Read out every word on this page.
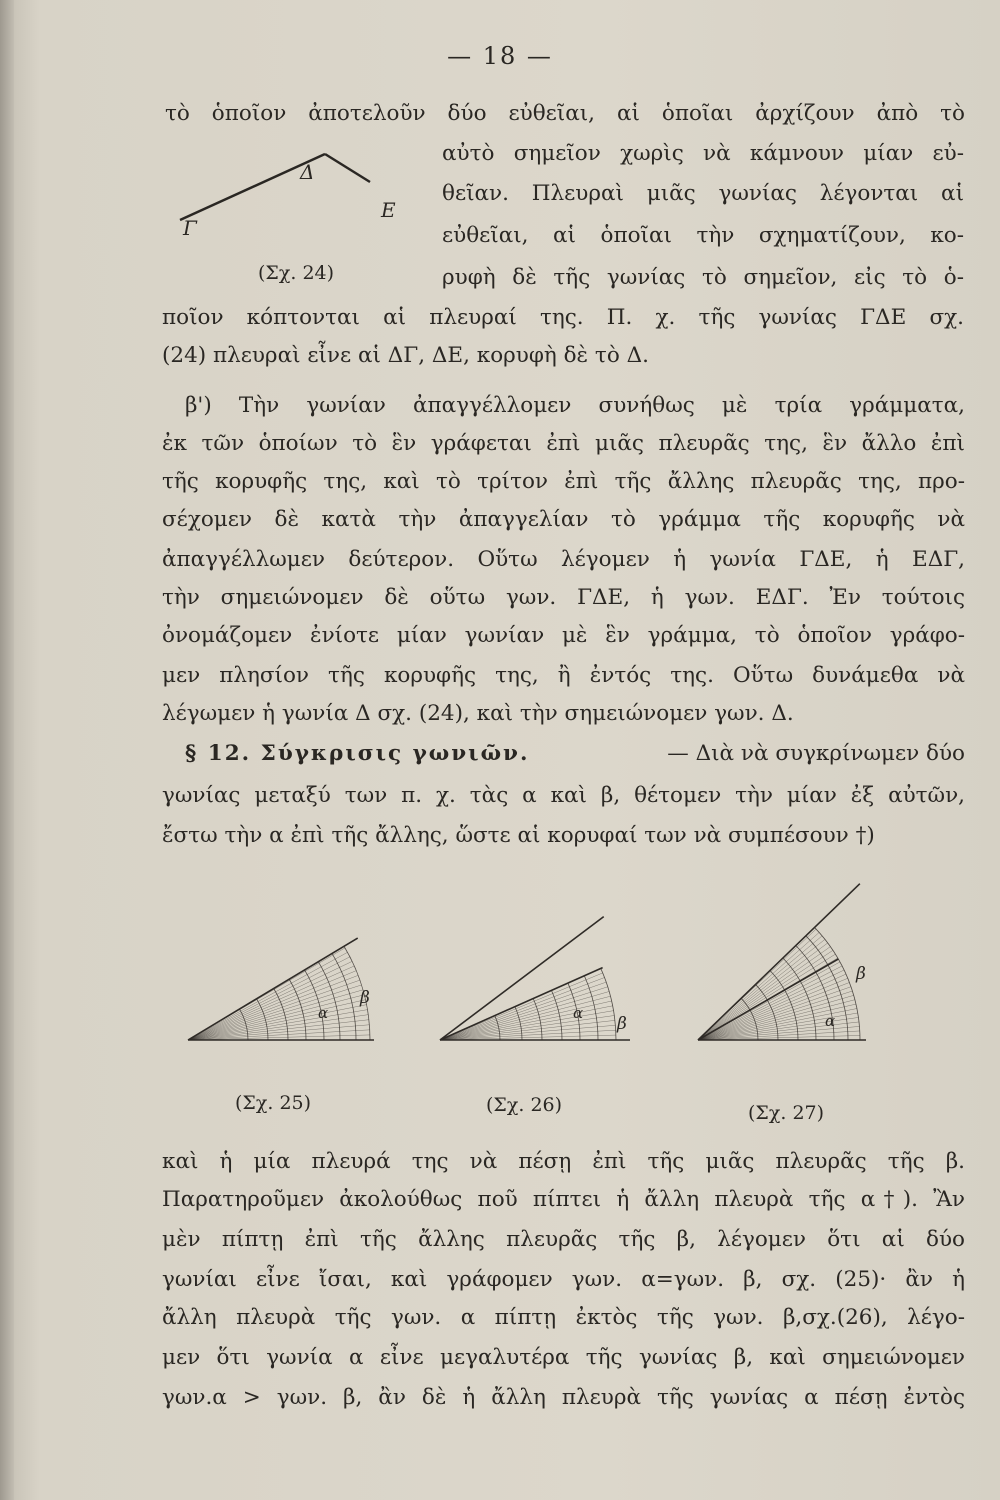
— 18 —
τὸ ὁποῖον ἀποτελοῦν δύο εὐθεῖαι, αἱ ὁποῖαι ἀρχίζουν ἀπὸ τὸ
αὐτὸ σημεῖον χωρὶς νὰ κάμνουν μίαν εὐ-
θεῖαν. Πλευραὶ μιᾶς γωνίας λέγονται αἱ
εὐθεῖαι, αἱ ὁποῖαι τὴν σχηματίζουν, κο-
ρυφὴ δὲ τῆς γωνίας τὸ σημεῖον, εἰς τὸ ὁ-
ποῖον κόπτονται αἱ πλευραί της. Π. χ. τῆς γωνίας ΓΔΕ σχ.
(24) πλευραὶ εἶνε αἱ ΔΓ, ΔΕ, κορυφὴ δὲ τὸ Δ.
Δ
Γ
Ε
(Σχ. 24)
β') Τὴν γωνίαν ἀπαγγέλλομεν συνήθως μὲ τρία γράμματα,
ἐκ τῶν ὁποίων τὸ ἓν γράφεται ἐπὶ μιᾶς πλευρᾶς της, ἓν ἄλλο ἐπὶ
τῆς κορυφῆς της, καὶ τὸ τρίτον ἐπὶ τῆς ἄλλης πλευρᾶς της, προ-
σέχομεν δὲ κατὰ τὴν ἀπαγγελίαν τὸ γράμμα τῆς κορυφῆς νὰ
ἀπαγγέλλωμεν δεύτερον. Οὕτω λέγομεν ἡ γωνία ΓΔΕ, ἡ ΕΔΓ,
τὴν σημειώνομεν δὲ οὕτω γων. ΓΔΕ, ἡ γων. ΕΔΓ. Ἐν τούτοις
ὀνομάζομεν ἐνίοτε μίαν γωνίαν μὲ ἓν γράμμα, τὸ ὁποῖον γράφο-
μεν πλησίον τῆς κορυφῆς της, ἢ ἐντός της. Οὕτω δυνάμεθα νὰ
λέγωμεν ἡ γωνία Δ σχ. (24), καὶ τὴν σημειώνομεν γων. Δ.
§ 12. Σύγκρισις γωνιῶν.	— Διὰ νὰ συγκρίνωμεν δύο
γωνίας μεταξύ των π. χ. τὰς α καὶ β, θέτομεν τὴν μίαν ἐξ αὐτῶν,
ἔστω τὴν α ἐπὶ τῆς ἄλλης, ὥστε αἱ κορυφαί των νὰ συμπέσουν †)
α
β
α
β	α
β
(Σχ. 25)	(Σχ. 26)	(Σχ. 27)
καὶ ἡ μία πλευρά της νὰ πέσῃ ἐπὶ τῆς μιᾶς πλευρᾶς τῆς β.
Παρατηροῦμεν ἀκολούθως ποῦ πίπτει ἡ ἄλλη πλευρὰ τῆς α†). Ἂν
μὲν πίπτῃ ἐπὶ τῆς ἄλλης πλευρᾶς τῆς β, λέγομεν ὅτι αἱ δύο
γωνίαι εἶνε ἴσαι, καὶ γράφομεν γων. α=γων. β, σχ. (25)· ἂν ἡ
ἄλλη πλευρὰ τῆς γων. α πίπτῃ ἐκτὸς τῆς γων. β,σχ.(26), λέγο-
μεν ὅτι γωνία α εἶνε μεγαλυτέρα τῆς γωνίας β, καὶ σημειώνομεν
γων.α > γων. β, ἂν δὲ ἡ ἄλλη πλευρὰ τῆς γωνίας α πέσῃ ἐντὸς
